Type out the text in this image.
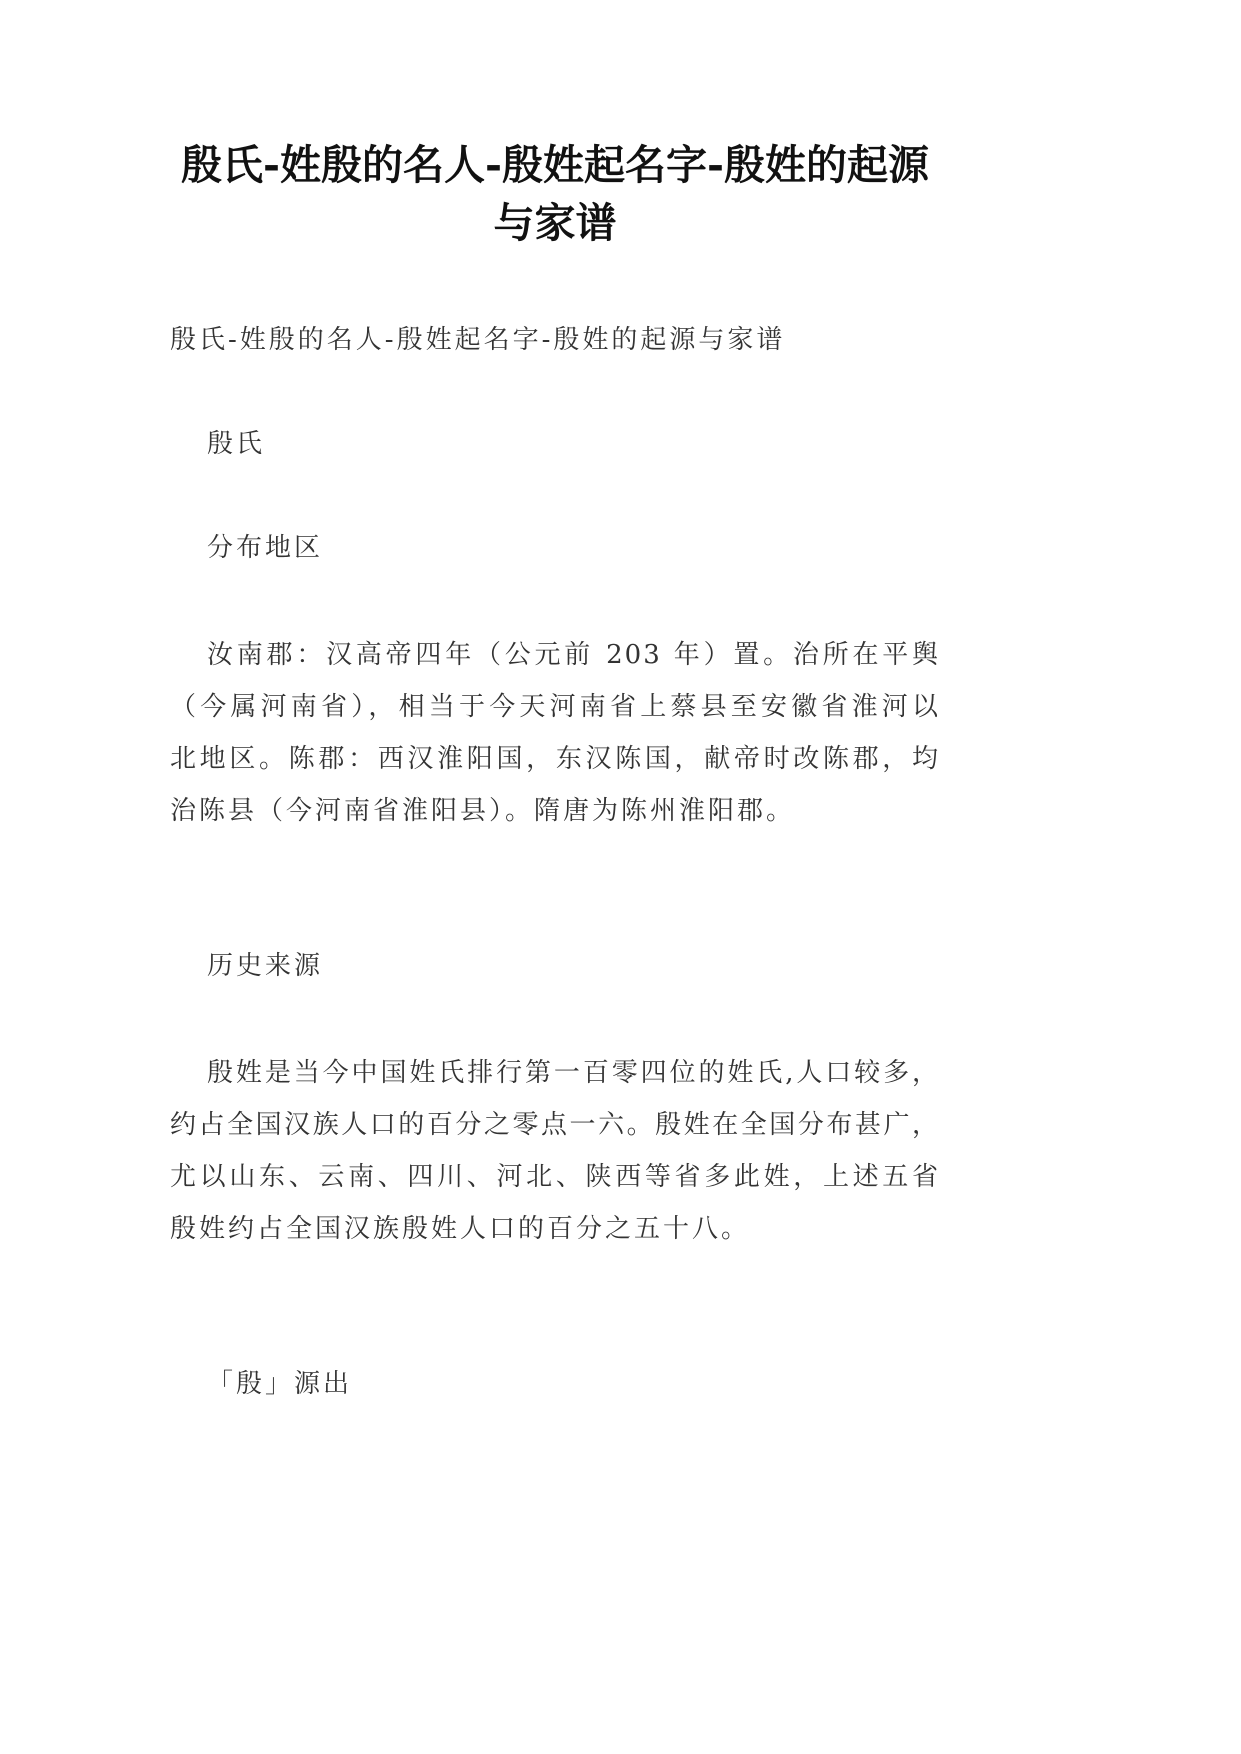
殷氏-姓殷的名人-殷姓起名字-殷姓的起源
与家谱

殷氏-姓殷的名人-殷姓起名字-殷姓的起源与家谱

殷氏

分布地区

汝南郡：汉高帝四年（公元前 203 年）置。治所在平舆

（今属河南省），相当于今天河南省上蔡县至安徽省淮河以

北地区。陈郡：西汉淮阳国，东汉陈国，献帝时改陈郡，均

治陈县（今河南省淮阳县）。隋唐为陈州淮阳郡。

历史来源

殷姓是当今中国姓氏排行第一百零四位的姓氏,人口较多，

约占全国汉族人口的百分之零点一六。殷姓在全国分布甚广，

尤以山东、云南、四川、河北、陕西等省多此姓，上述五省

殷姓约占全国汉族殷姓人口的百分之五十八。

「殷」源出
